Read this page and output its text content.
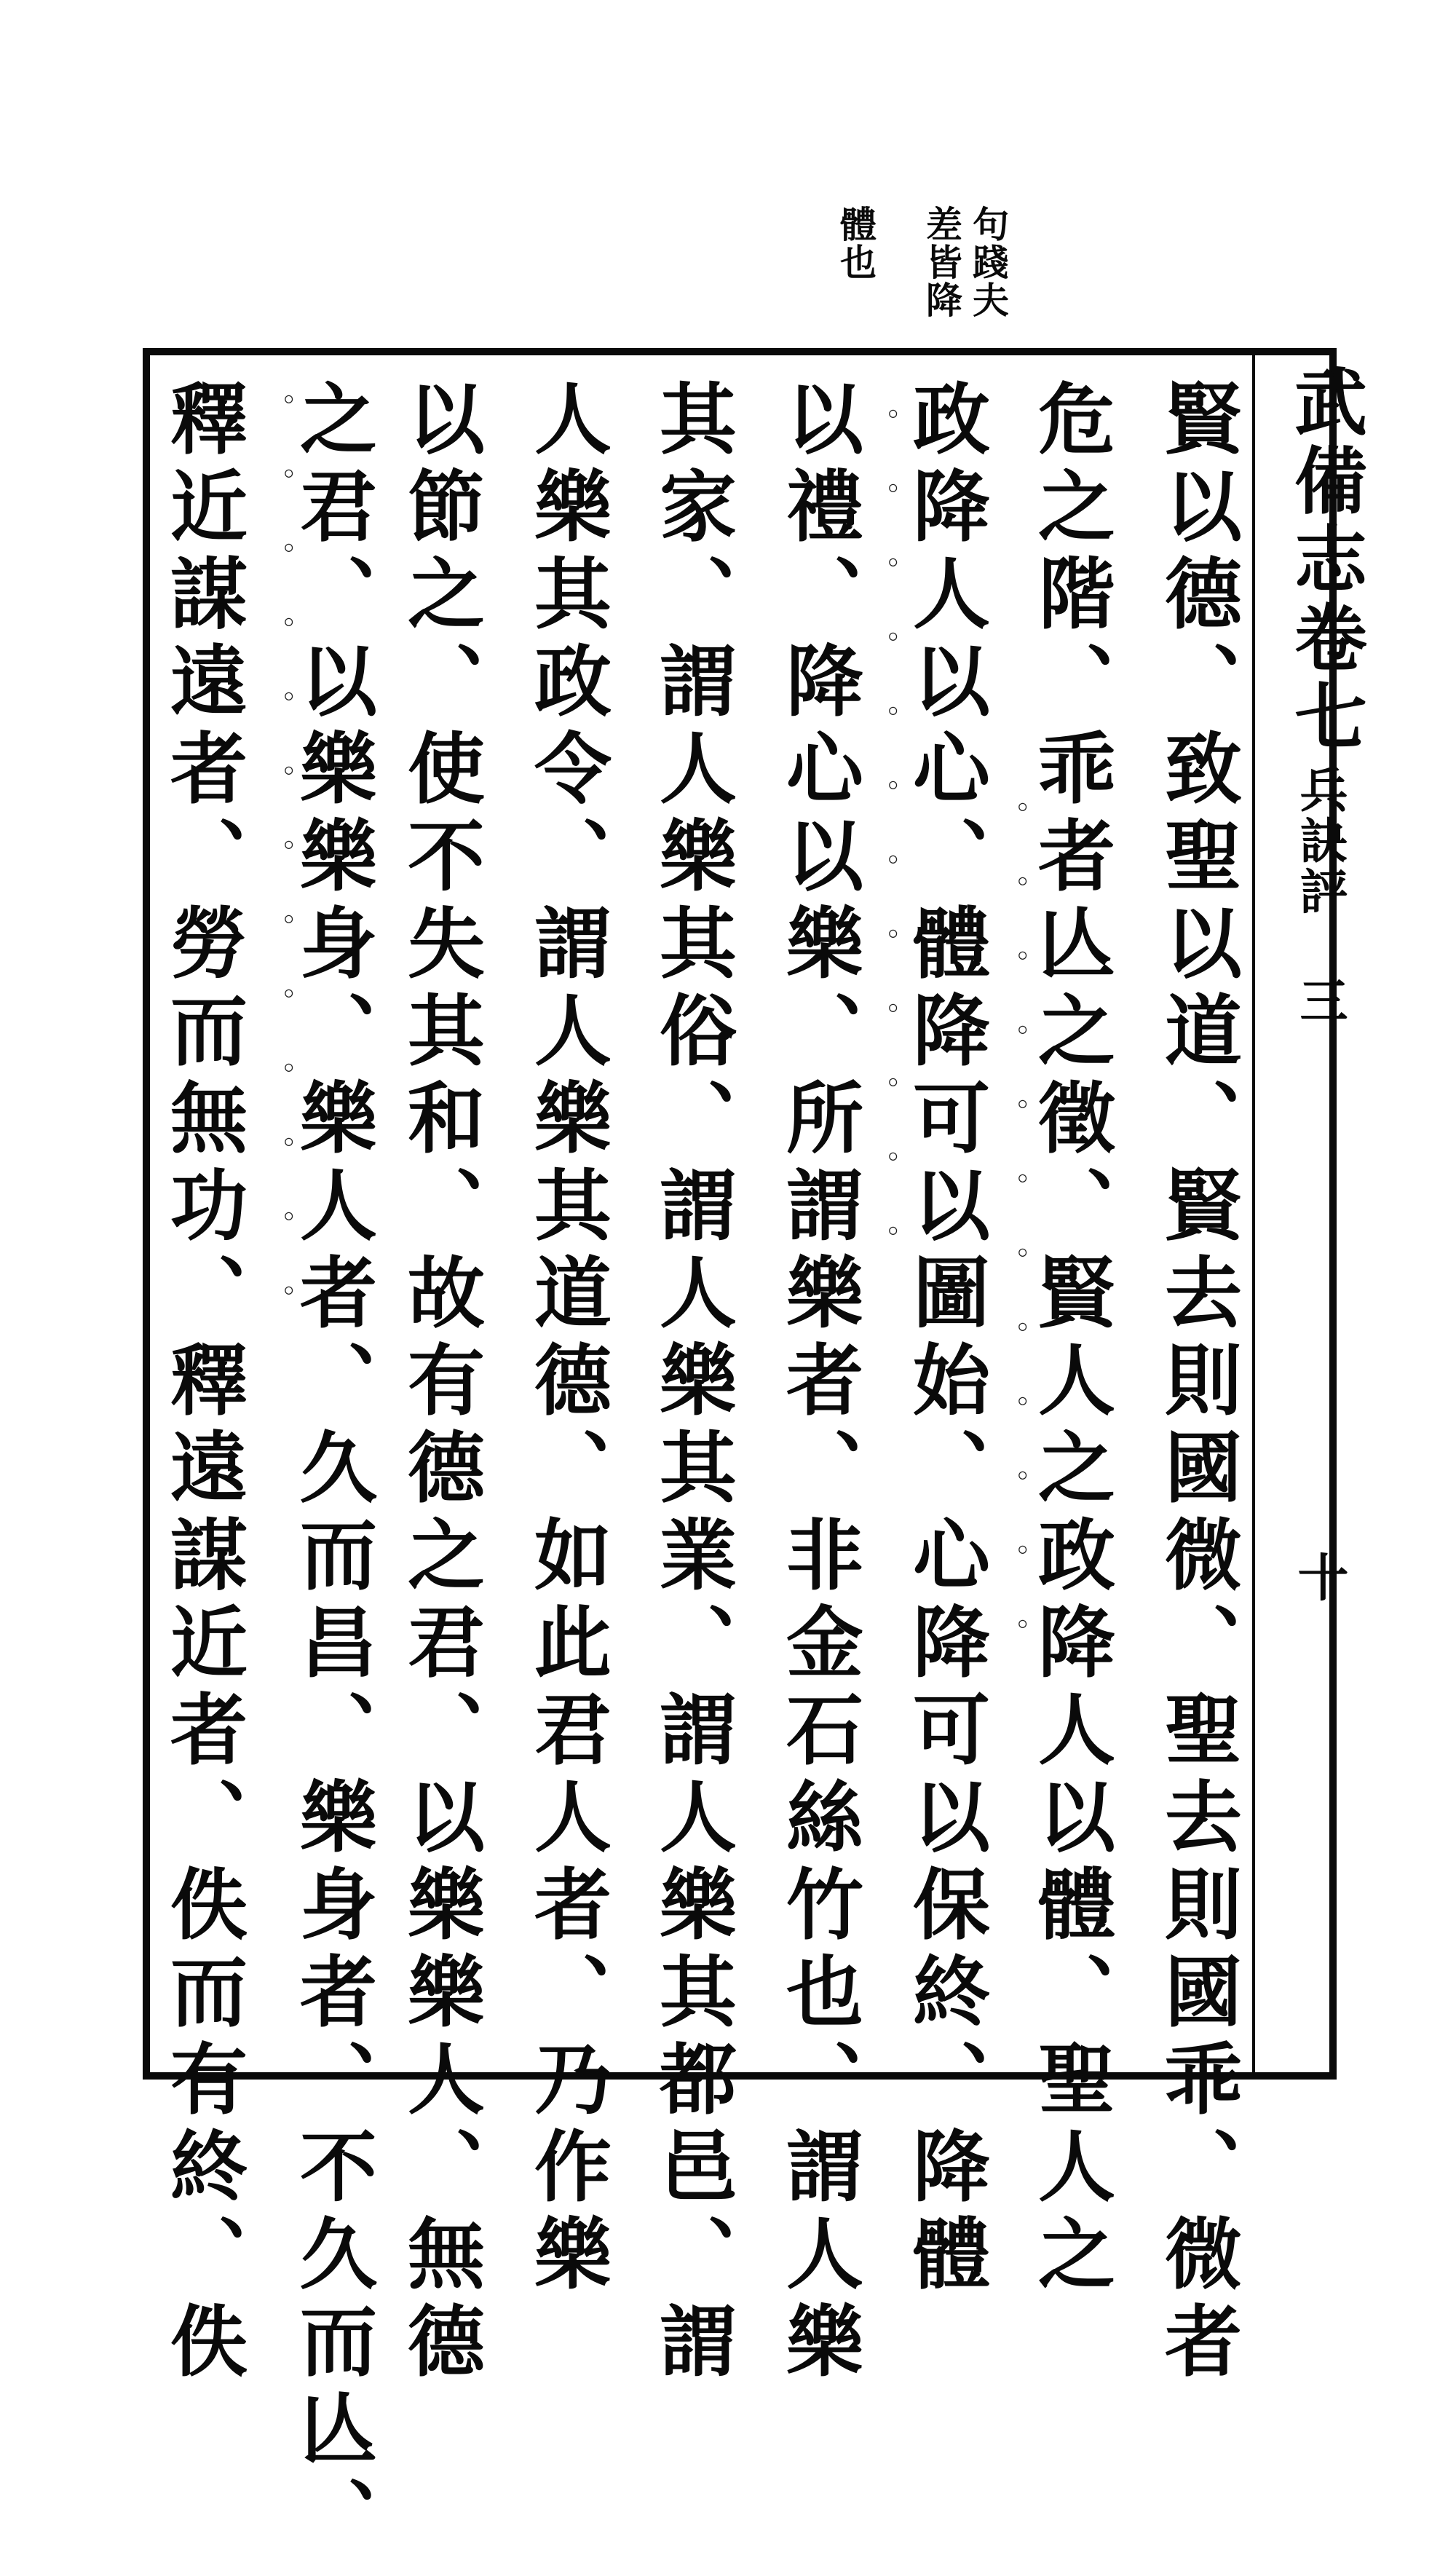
句踐夫
差皆降
體也
武備志卷七
兵訣評
三
十
賢以德、致聖以道、賢去則國微、聖去則國乖、微者
危之階、乖者亾之徵、賢人之政降人以體、聖人之
政降人以心、體降可以圖始、心降可以保終、降體
以禮、降心以樂、所謂樂者、非金石絲竹也、謂人樂
其家、謂人樂其俗、謂人樂其業、謂人樂其都邑、謂
人樂其政令、謂人樂其道德、如此君人者、乃作樂
以節之、使不失其和、故有德之君、以樂樂人、無德
之君、以樂樂身、樂人者、久而昌、樂身者、不久而亾、
釋近謀遠者、勞而無功、釋遠謀近者、佚而有終、佚	。。。。。。。。。。。。
。。。。。。。。。。。。
。。。。。。。。。。。。。
